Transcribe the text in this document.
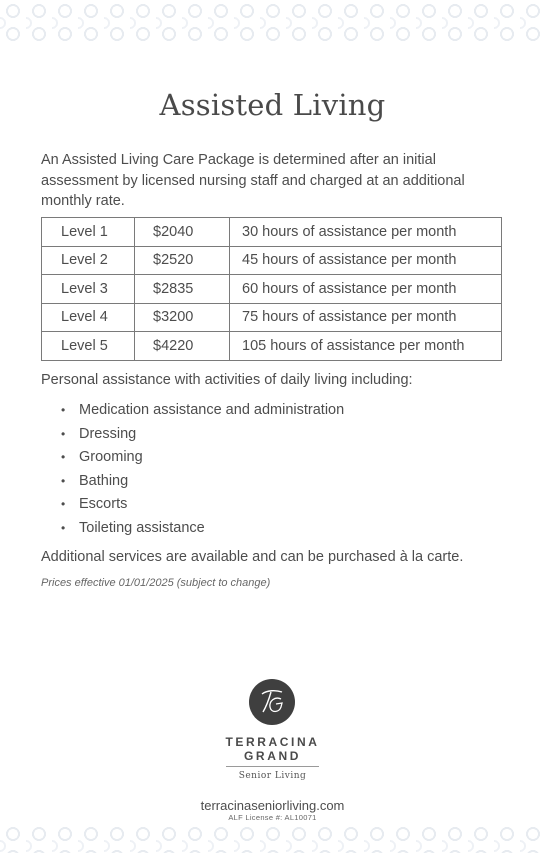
Assisted Living

An Assisted Living Care Package is determined after an initial assessment by licensed nursing staff and charged at an additional monthly rate.

Level 1	$2040	30 hours of assistance per month
Level 2	$2520	45 hours of assistance per month
Level 3	$2835	60 hours of assistance per month
Level 4	$3200	75 hours of assistance per month
Level 5	$4220	105 hours of assistance per month

Personal assistance with activities of daily living including:

• Medication assistance and administration
• Dressing
• Grooming
• Bathing
• Escorts
• Toileting assistance

Additional services are available and can be purchased à la carte.

Prices effective 01/01/2025 (subject to change)

TERRACINA

GRAND

Senior Living

terracinaseniorliving.com

ALF License #: AL10071
